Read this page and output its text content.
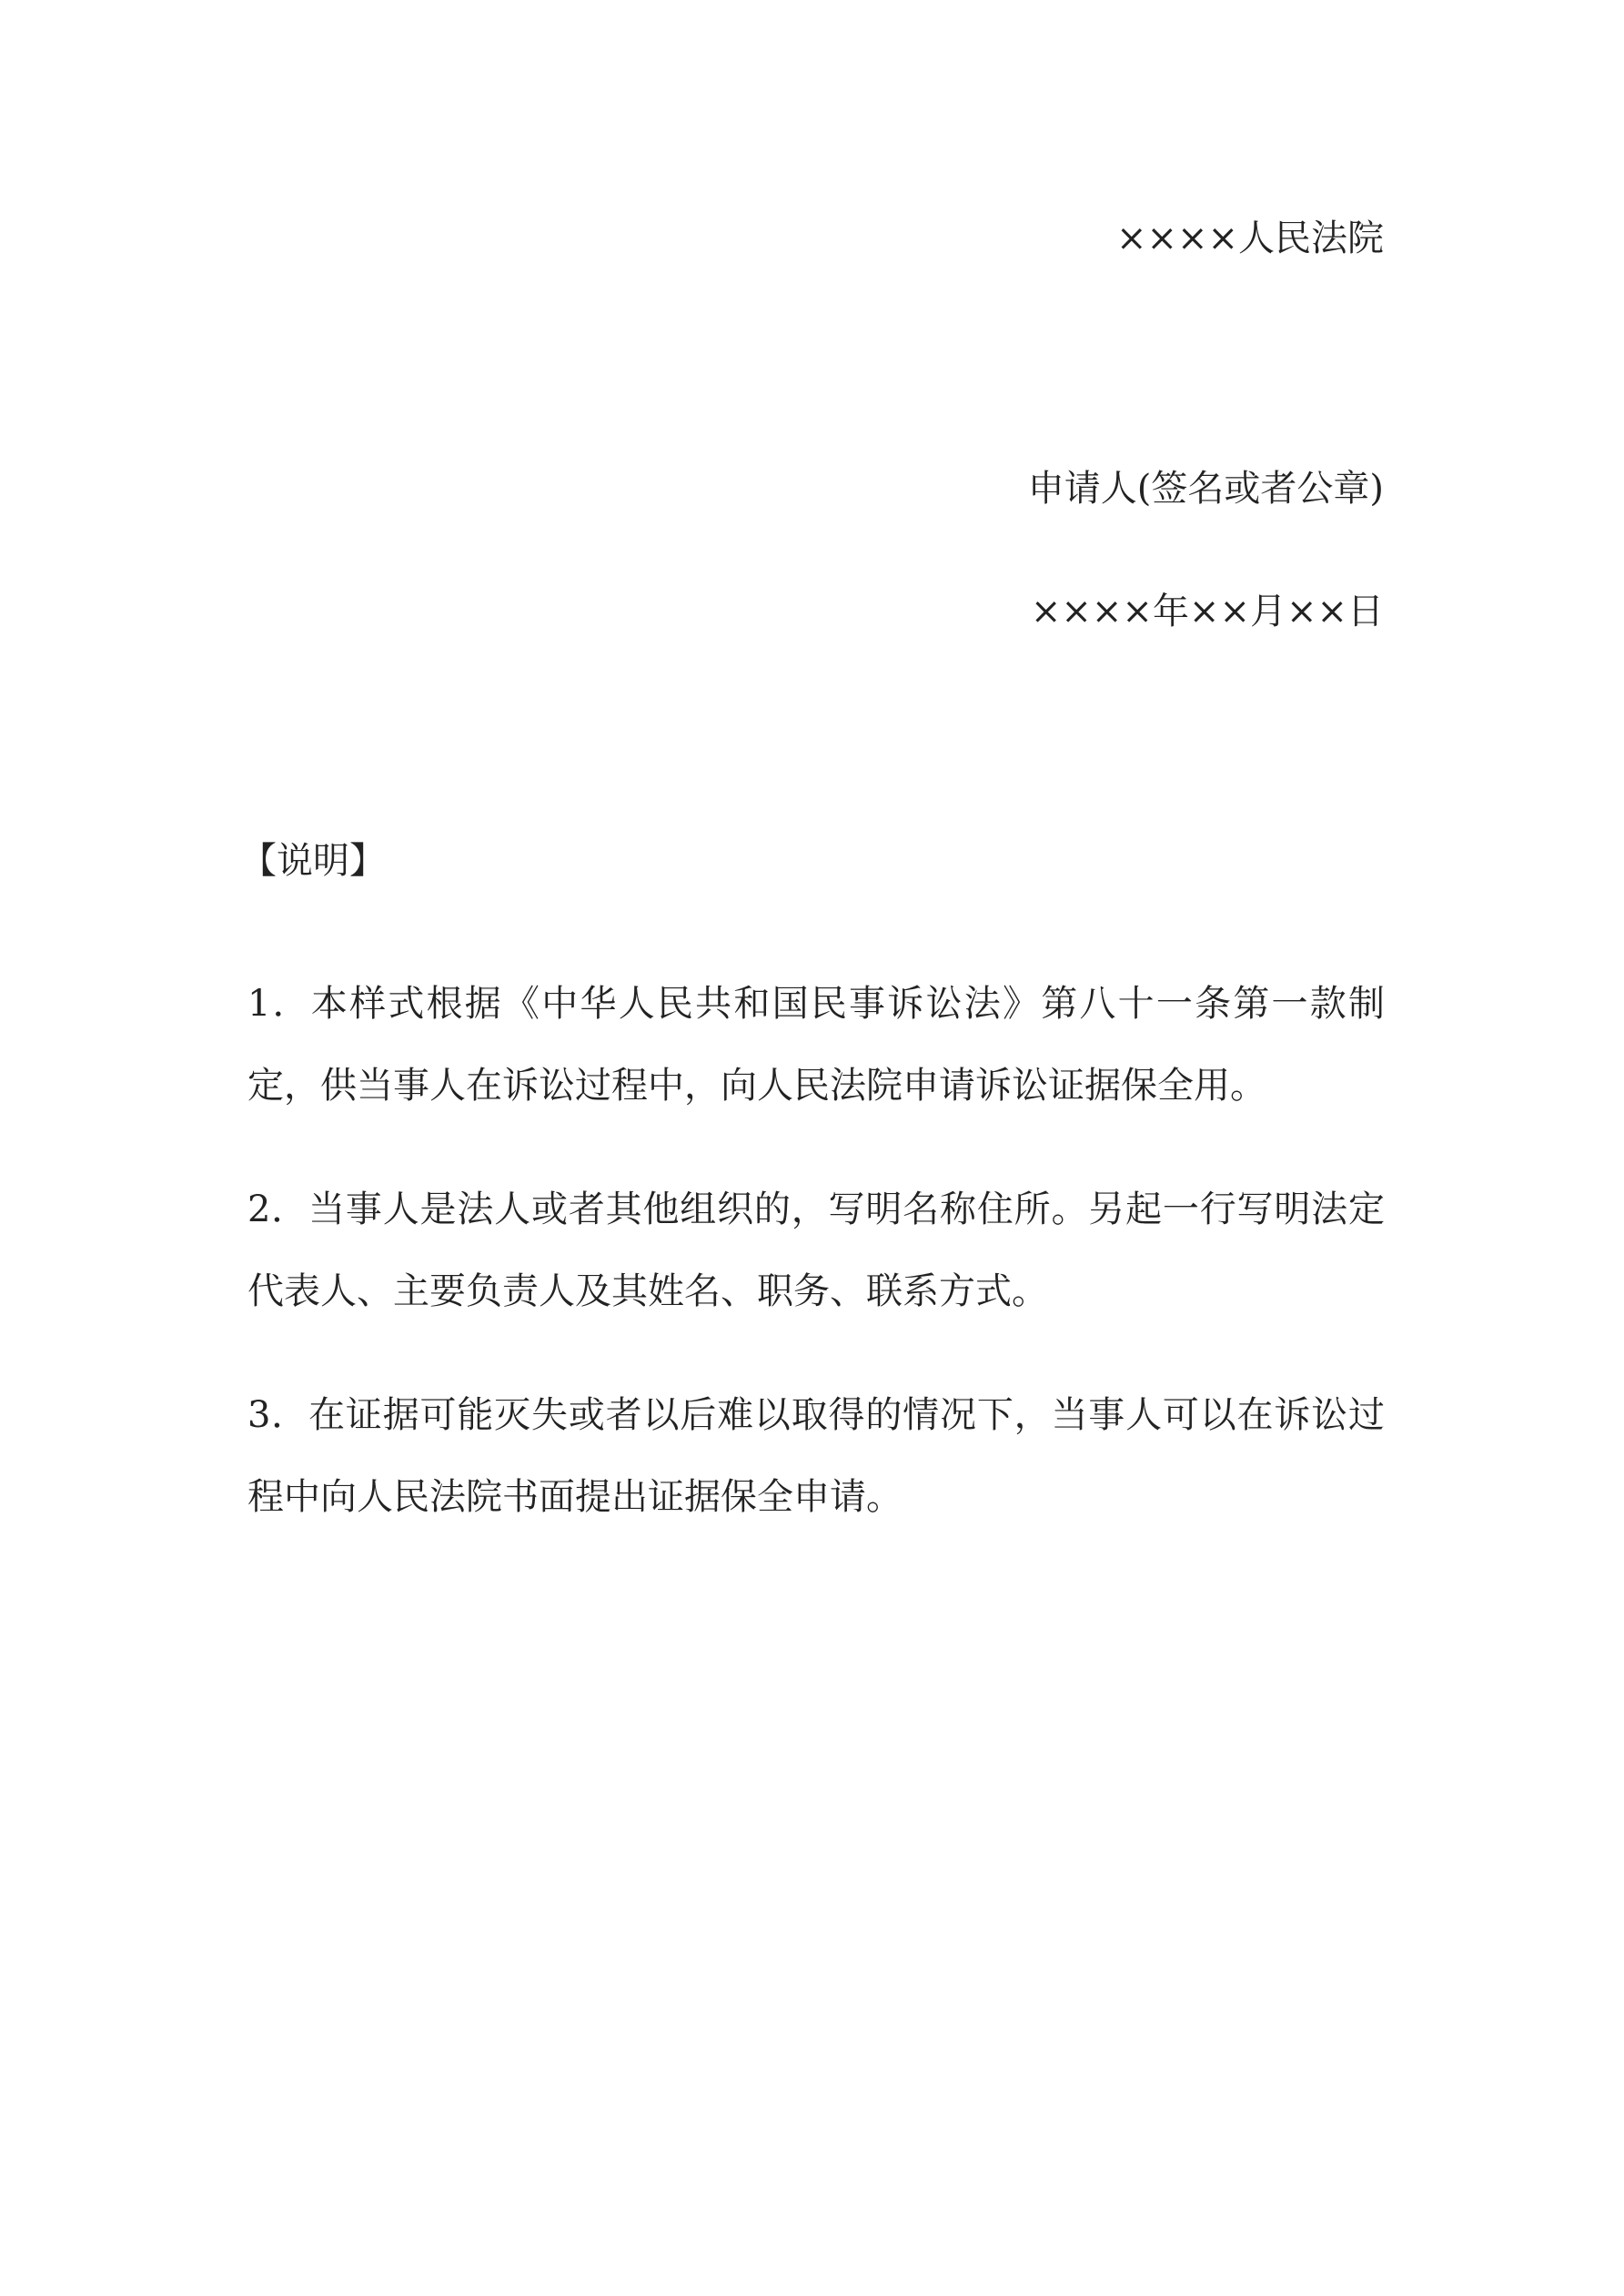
××××人民法院
申请人(签名或者公章)
××××年××月××日
【说明】

1．本样式根据《中华人民共和国民事诉讼法》第八十一条第一款制定，供当事人在诉讼过程中，向人民法院申请诉讼证据保全用。

2．当事人是法人或者其他组织的，写明名称住所。另起一行写明法定代表人、主要负责人及其姓名、职务、联系方式。

3．在证据可能灭失或者以后难以取得的情况下，当事人可以在诉讼过程中向人民法院书面提出证据保全申请。
